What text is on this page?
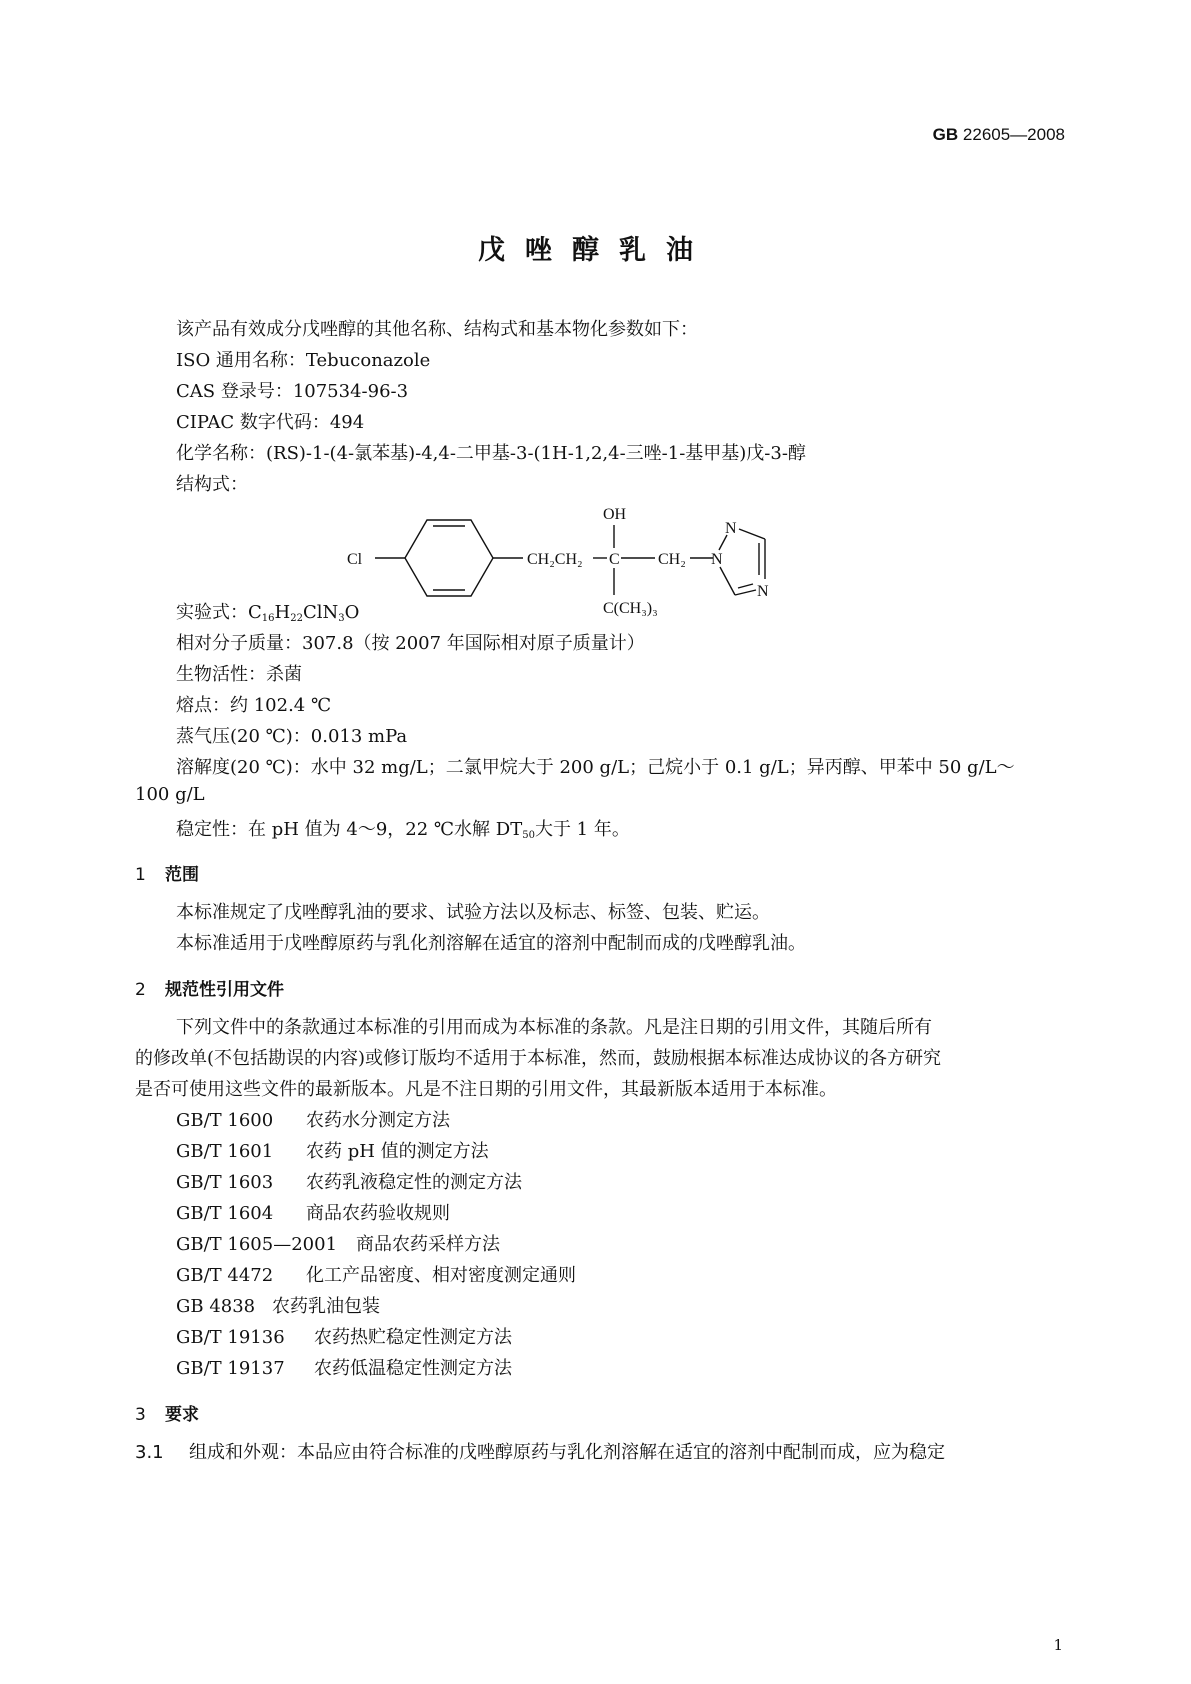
GB 22605—2008
戊唑醇乳油
该产品有效成分戊唑醇的其他名称、结构式和基本物化参数如下：
ISO 通用名称：Tebuconazole
CAS 登录号：107534-96-3
CIPAC 数字代码：494
化学名称：(RS)-1-(4-氯苯基)-4,4-二甲基-3-(1H-1,2,4-三唑-1-基甲基)戊-3-醇
结构式：
Cl	CH₂CH₂ C
OH
CH₂
C(CH₃)₃
N
N
N
实验式：$C_{16}H_{22}ClN_3O$
相对分子质量：307.8（按 2007 年国际相对原子质量计）
生物活性：杀菌
熔点：约 102.4 ℃
蒸气压(20 ℃)：0.013 mPa
溶解度(20 ℃)：水中 32 mg/L；二氯甲烷大于 200 g/L；己烷小于 0.1 g/L；异丙醇、甲苯中 50 g/L～
100 g/L
稳定性：在 pH 值为 4～9，22 ℃水解 $DT_{50}$大于 1 年。
1 范围
本标准规定了戊唑醇乳油的要求、试验方法以及标志、标签、包装、贮运。
本标准适用于戊唑醇原药与乳化剂溶解在适宜的溶剂中配制而成的戊唑醇乳油。
2 规范性引用文件
下列文件中的条款通过本标准的引用而成为本标准的条款。凡是注日期的引用文件，其随后所有
的修改单(不包括勘误的内容)或修订版均不适用于本标准，然而，鼓励根据本标准达成协议的各方研究
是否可使用这些文件的最新版本。凡是不注日期的引用文件，其最新版本适用于本标准。
GB/T 1600 农药水分测定方法
GB/T 1601 农药 pH 值的测定方法
GB/T 1603 农药乳液稳定性的测定方法
GB/T 1604 商品农药验收规则
GB/T 1605—2001 商品农药采样方法
GB/T 4472 化工产品密度、相对密度测定通则
GB 4838 农药乳油包装
GB/T 19136 农药热贮稳定性测定方法
GB/T 19137 农药低温稳定性测定方法
3 要求
3.1 组成和外观：本品应由符合标准的戊唑醇原药与乳化剂溶解在适宜的溶剂中配制而成，应为稳定
1
